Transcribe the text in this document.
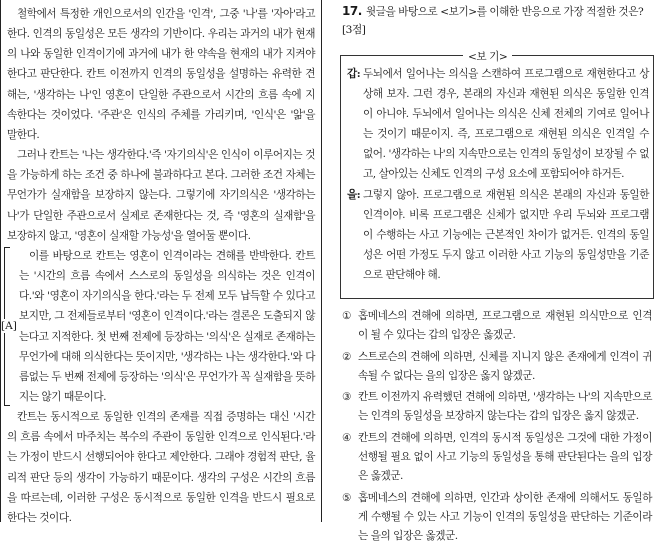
철학에서 특정한 개인으로서의 인간을 '인격', 그중 '나'를 '자아'라고 한다. 인격의 동일성은 모든 생각의 기반이다. 우리는 과거의 내가 현재의 나와 동일한 인격이기에 과거에 내가 한 약속을 현재의 내가 지켜야 한다고 판단한다. 칸트 이전까지 인격의 동일성을 설명하는 유력한 견해는, '생각하는 나'인 영혼이 단일한 주관으로서 시간의 흐름 속에 지속한다는 것이었다. '주관'은 인식의 주체를 가리키며, '인식'은 '앎'을 말한다.

그러나 칸트는 '나는 생각한다.'즉 '자기의식'은 인식이 이루어지는 것을 가능하게 하는 조건 중 하나에 불과하다고 본다. 그러한 조건 자체는 무언가가 실재함을 보장하지 않는다. 그렇기에 자기의식은 '생각하는 나'가 단일한 주관으로서 실제로 존재한다는 것, 즉 '영혼의 실재함'을 보장하지 않고, '영혼이 실재할 가능성'을 열어둘 뿐이다.

이를 바탕으로 칸트는 영혼이 인격이라는 견해를 반박한다. 칸트는 '시간의 흐름 속에서 스스로의 동일성을 의식하는 것은 인격이다.'와 '영혼이 자기의식을 한다.'라는 두 전제 모두 납득할 수 있다고 보지만, 그 전제들로부터 '영혼이 인격이다.'라는 결론은 도출되지 않는다고 지적한다. 첫 번째 전제에 등장하는 '의식'은 실재로 존재하는 무언가에 대해 의식한다는 뜻이지만, '생각하는 나는 생각한다.'와 다름없는 두 번째 전제에 등장하는 '의식'은 무언가가 꼭 실재함을 뜻하지는 않기 때문이다.

칸트는 동시적으로 동일한 인격의 존재를 직접 증명하는 대신 '시간의 흐름 속에서 마주치는 복수의 주관이 동일한 인격으로 인식된다.'라는 가정이 반드시 선행되어야 한다고 제안한다. 그래야 경험적 판단, 율리적 판단 등의 생각이 가능하기 때문이다. 생각의 구성은 시간의 흐름을 따르는데, 이러한 구성은 동시적으로 동일한 인격을 반드시 필요로 한다는 것이다.

[A]
17. 윗글을 바탕으로 <보기>를 이해한 반응으로 가장 적절한 것은? [3점]
<보 기>
갑: 두뇌에서 일어나는 의식을 스캔하여 프로그램으로 재현한다고 상상해 보자. 그런 경우, 본래의 자신과 재현된 의식은 동일한 인격이 아니야. 두뇌에서 일어나는 의식은 신체 전체의 기여로 일어나는 것이기 때문이지. 즉, 프로그램으로 재현된 의식은 인격일 수 없어. '생각하는 나'의 지속만으로는 인격의 동일성이 보장될 수 없고, 살아있는 신체도 인격의 구성 요소에 포함되어야 하거든.
을: 그렇지 않아. 프로그램으로 재현된 의식은 본래의 자신과 동일한 인격이야. 비록 프로그램은 신체가 없지만 우리 두뇌와 프로그램이 수행하는 사고 기능에는 근본적인 차이가 없거든. 인격의 동일성은 어떤 가정도 두지 않고 이러한 사고 기능의 동일성만을 기준으로 판단해야 해.
① 홉메네스의 견해에 의하면, 프로그램으로 재현된 의식만으로 인격이 될 수 있다는 갑의 입장은 옳겠군.
② 스트로슨의 견해에 의하면, 신체를 지니지 않은 존재에게 인격이 귀속될 수 없다는 을의 입장은 옳지 않겠군.
③ 칸트 이전까지 유력했던 견해에 의하면, '생각하는 나'의 지속만으로는 인격의 동일성을 보장하지 않는다는 갑의 입장은 옳지 않겠군.
④ 칸트의 견해에 의하면, 인격의 동시적 동일성은 그것에 대한 가정이 선행될 필요 없이 사고 기능의 동일성을 통해 판단된다는 을의 입장은 옳겠군.
⑤ 홉메네스의 견해에 의하면, 인간과 상이한 존재에 의해서도 동일하게 수행될 수 있는 사고 기능이 인격의 동일성을 판단하는 기준이라는 을의 입장은 옳겠군.
